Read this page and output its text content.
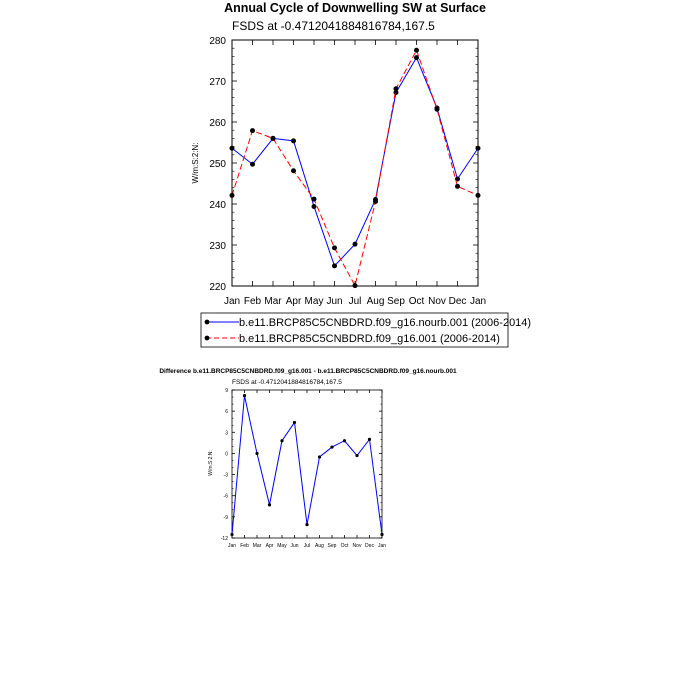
Annual Cycle of Downwelling SW at Surface
FSDS at -0.4712041884816784,167.5
W/m:S:2:N:
Jan Feb Mar Apr May Jun Jul Aug Sep Oct Nov Dec Jan
220
230
240
250
260
270
280
b.e11.BRCP85C5CNBDRD.f09_g16.nourb.001 (2006-2014)
b.e11.BRCP85C5CNBDRD.f09_g16.001 (2006-2014)
Difference b.e11.BRCP85C5CNBDRD.f09_g16.001 - b.e11.BRCP85C5CNBDRD.f09_g16.nourb.001
FSDS at -0.4712041884816784,167.5
W/m:S:2:N:
Jan Feb Mar Apr May Jun Jul Aug Sep Oct Nov Dec Jan
-12
-9
-6
-3
0
3
6
9
